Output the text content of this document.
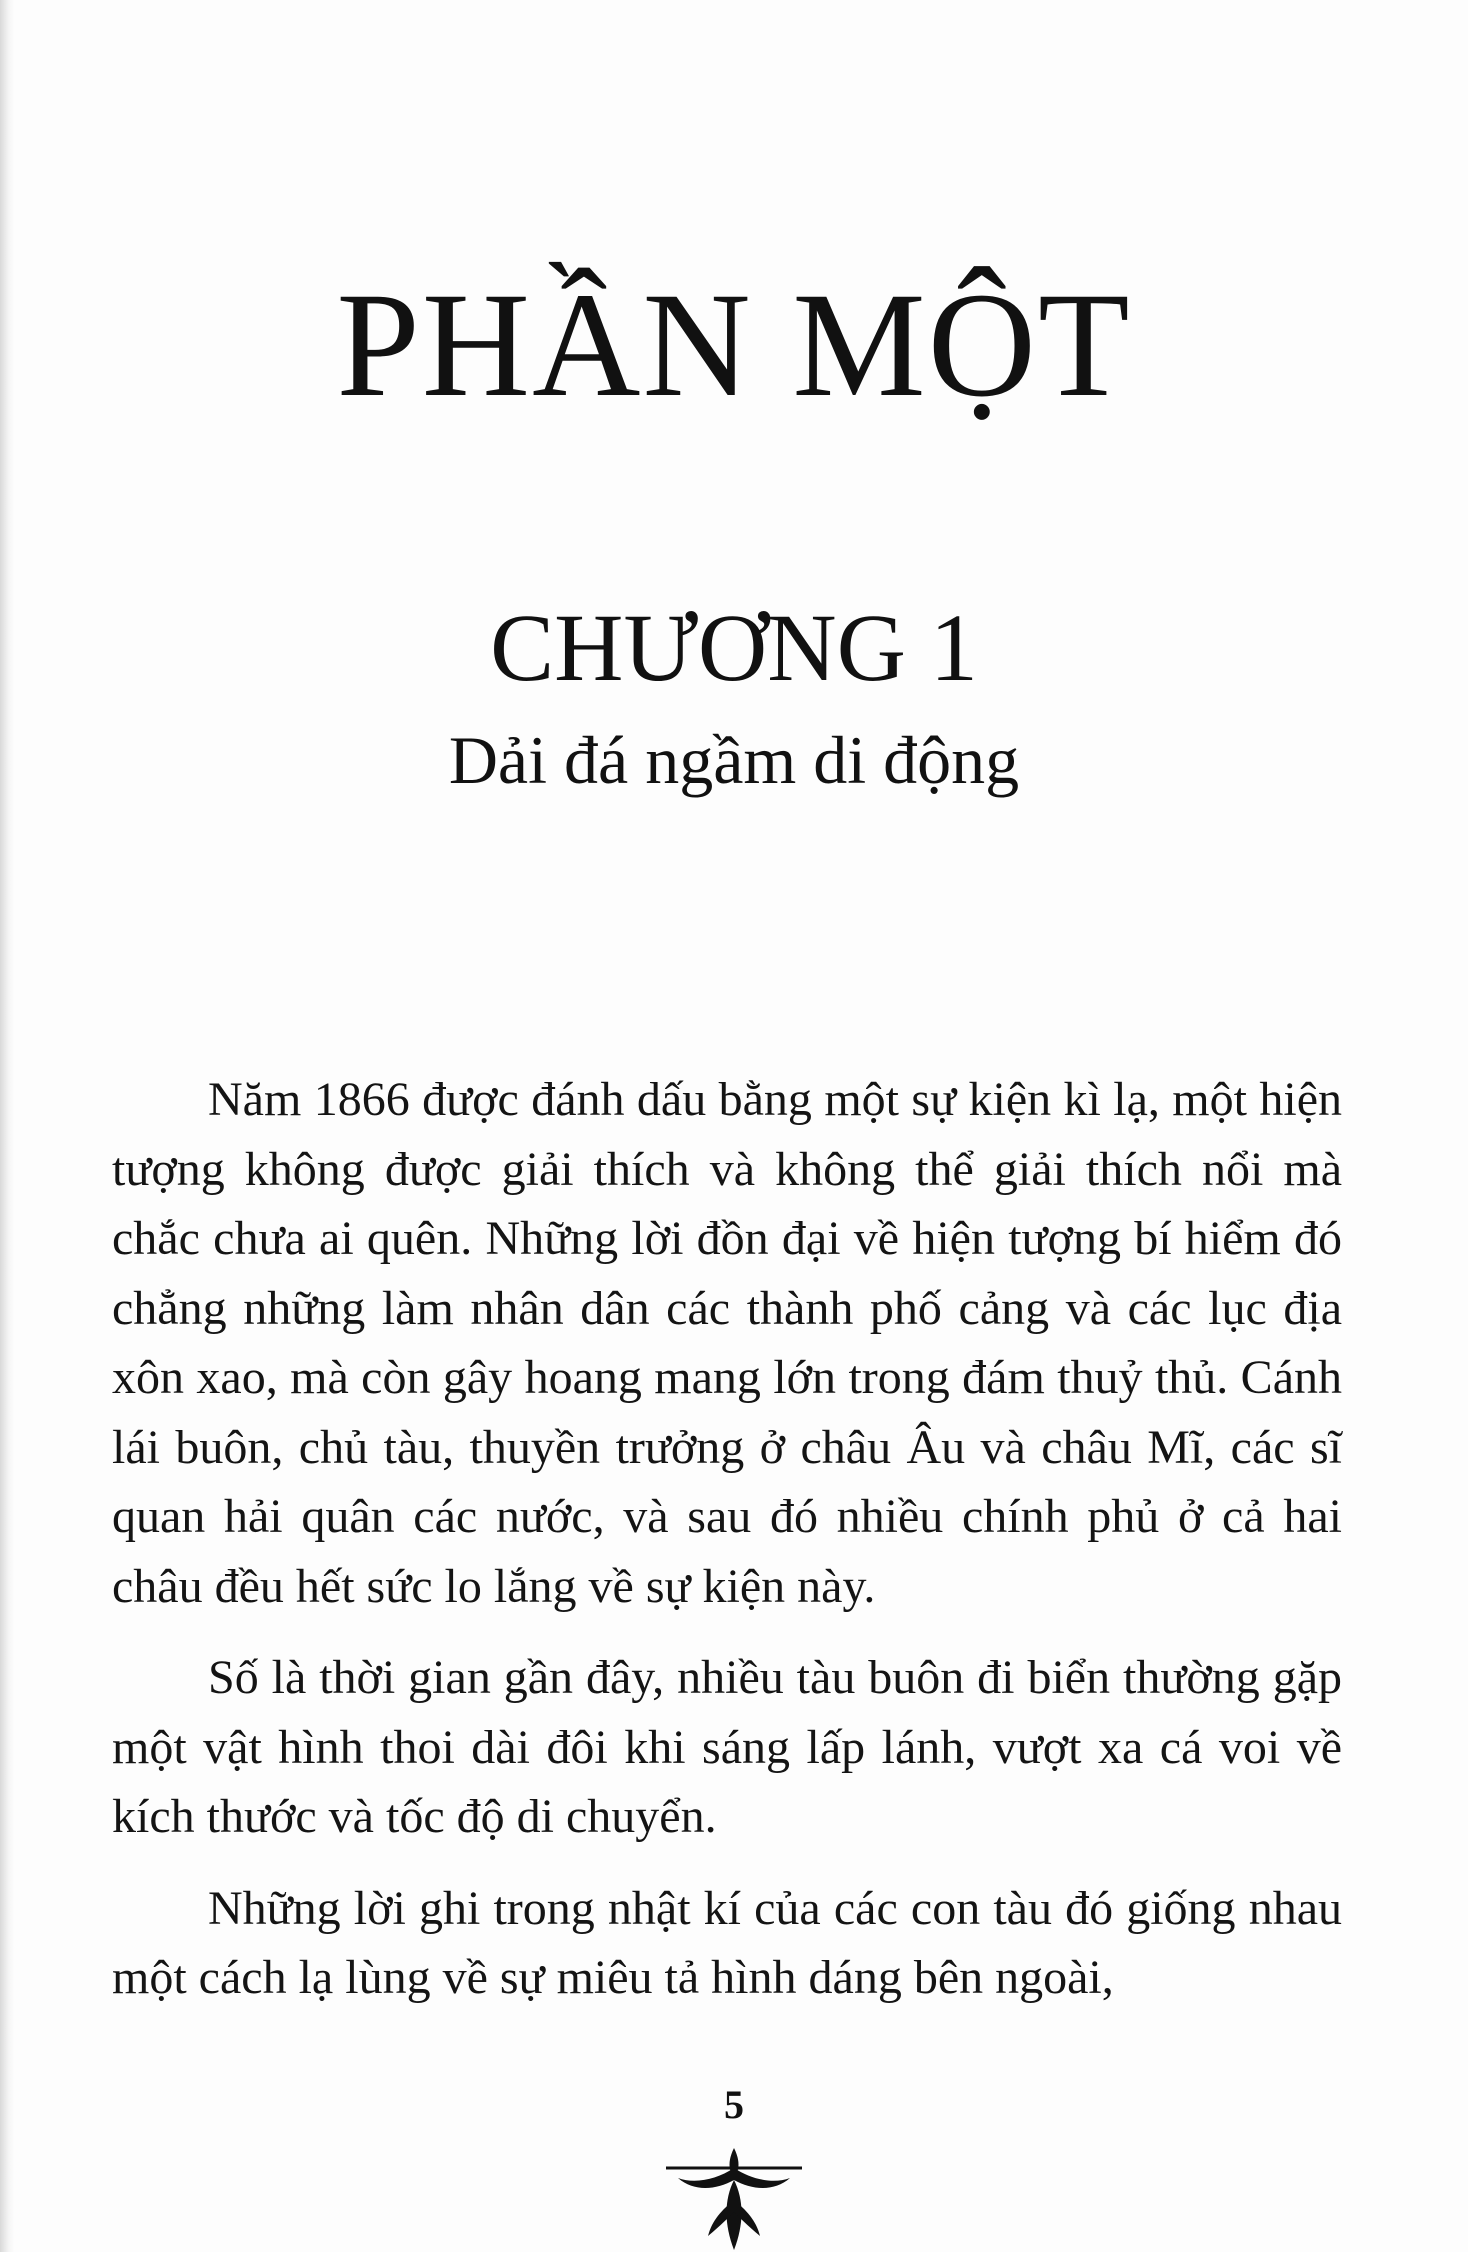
PHẦN MỘT
CHƯƠNG 1
Dải đá ngầm di động

Năm 1866 được đánh dấu bằng một sự kiện kì lạ, một hiện tượng không được giải thích và không thể giải thích nổi mà chắc chưa ai quên. Những lời đồn đại về hiện tượng bí hiểm đó chẳng những làm nhân dân các thành phố cảng và các lục địa xôn xao, mà còn gây hoang mang lớn trong đám thuỷ thủ. Cánh lái buôn, chủ tàu, thuyền trưởng ở châu Âu và châu Mĩ, các sĩ quan hải quân các nước, và sau đó nhiều chính phủ ở cả hai châu đều hết sức lo lắng về sự kiện này.

Số là thời gian gần đây, nhiều tàu buôn đi biển thường gặp một vật hình thoi dài đôi khi sáng lấp lánh, vượt xa cá voi về kích thước và tốc độ di chuyển.

Những lời ghi trong nhật kí của các con tàu đó giống nhau một cách lạ lùng về sự miêu tả hình dáng bên ngoài,

5
